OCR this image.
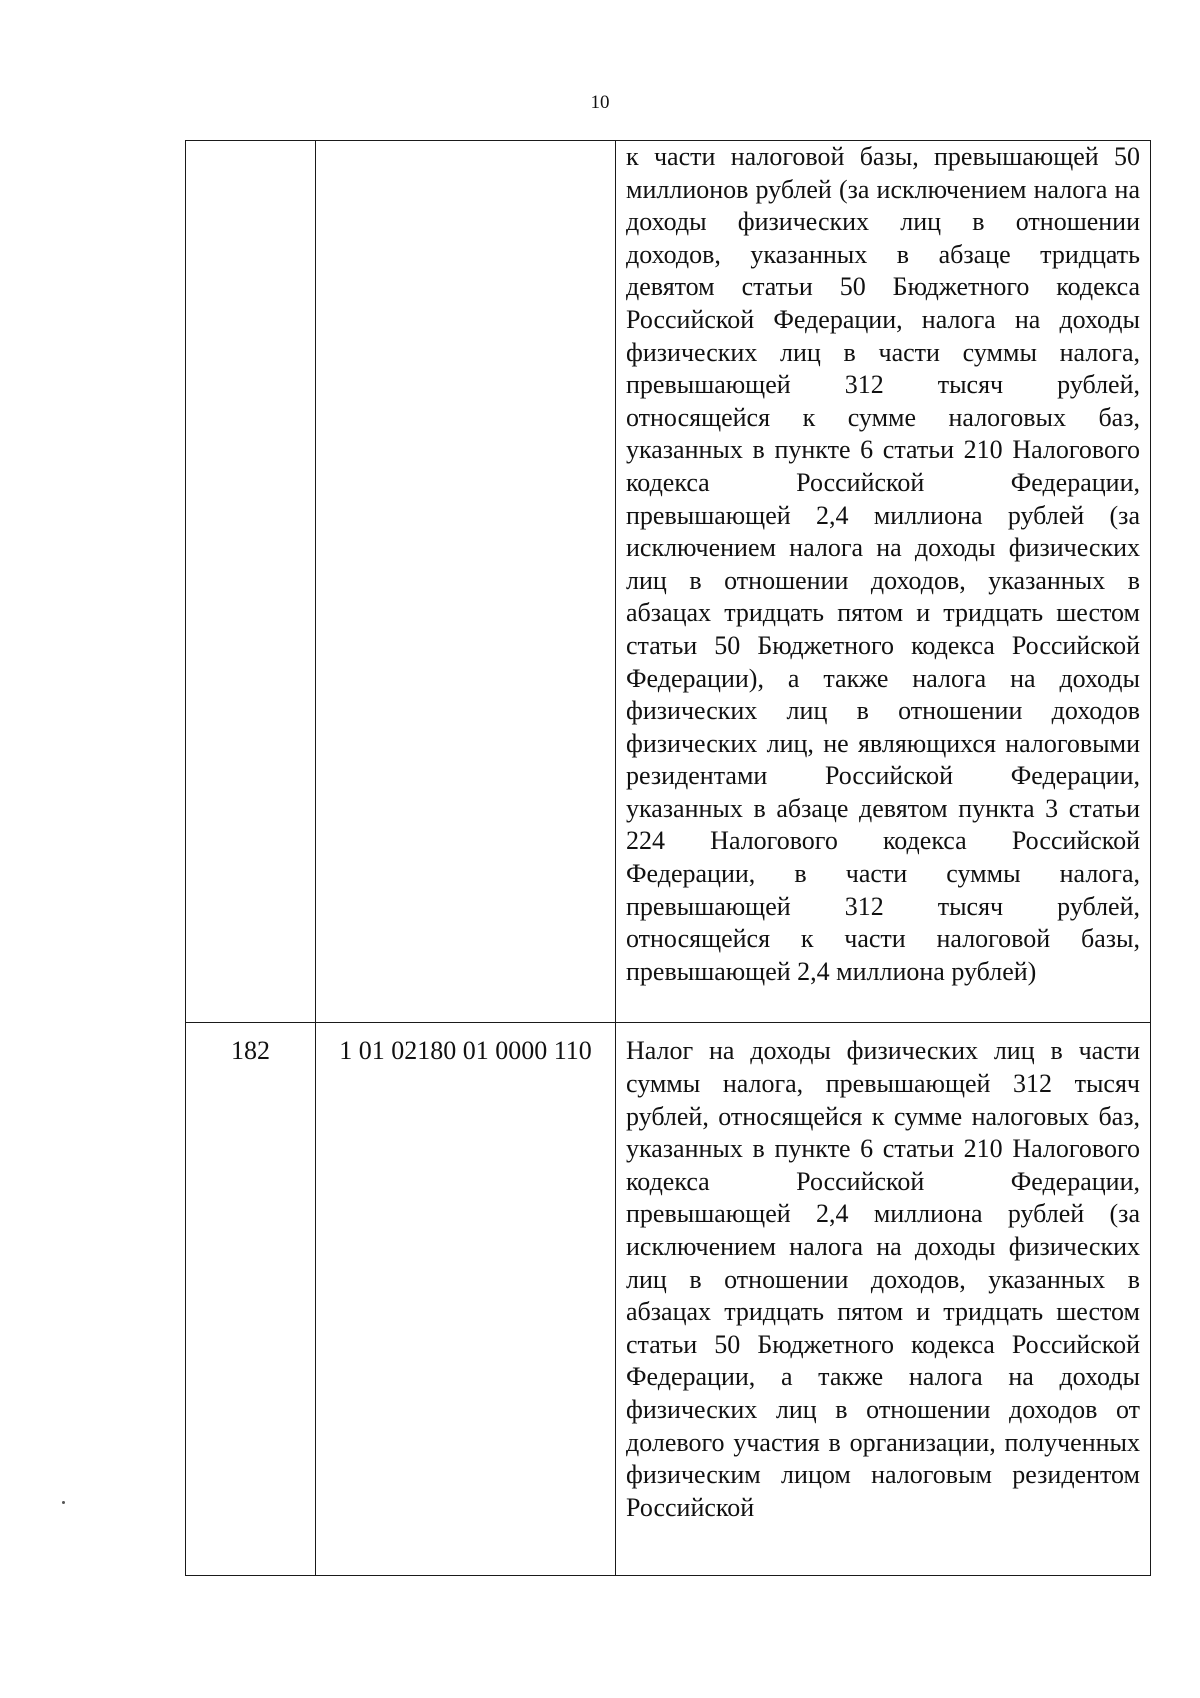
10
		к части налоговой базы, превышающей 50 миллионов рублей (за исключением налога на доходы физических лиц в отношении доходов, указанных в абзаце тридцать девятом статьи 50 Бюджетного кодекса Российской Федерации, налога на доходы физических лиц в части суммы налога, превышающей 312 тысяч рублей, относящейся к сумме налоговых баз, указанных в пункте 6 статьи 210 Налогового кодекса Российской Федерации, превышающей 2,4 миллиона рублей (за исключением налога на доходы физических лиц в отношении доходов, указанных в абзацах тридцать пятом и тридцать шестом статьи 50 Бюджетного кодекса Российской Федерации), а также налога на доходы физических лиц в отношении доходов физических лиц, не являющихся налоговыми резидентами Российской Федерации, указанных в абзаце девятом пункта 3 статьи 224 Налогового кодекса Российской Федерации, в части суммы налога, превышающей 312 тысяч рублей, относящейся к части налоговой базы, превышающей 2,4 миллиона рублей)
182	1 01 02180 01 0000 110	Налог на доходы физических лиц в части суммы налога, превышающей 312 тысяч рублей, относящейся к сумме налоговых баз, указанных в пункте 6 статьи 210 Налогового кодекса Российской Федерации, превышающей 2,4 миллиона рублей (за исключением налога на доходы физических лиц в отношении доходов, указанных в абзацах тридцать пятом и тридцать шестом статьи 50 Бюджетного кодекса Российской Федерации, а также налога на доходы физических лиц в отношении доходов от долевого участия в организации, полученных физическим лицом налоговым резидентом Российской
